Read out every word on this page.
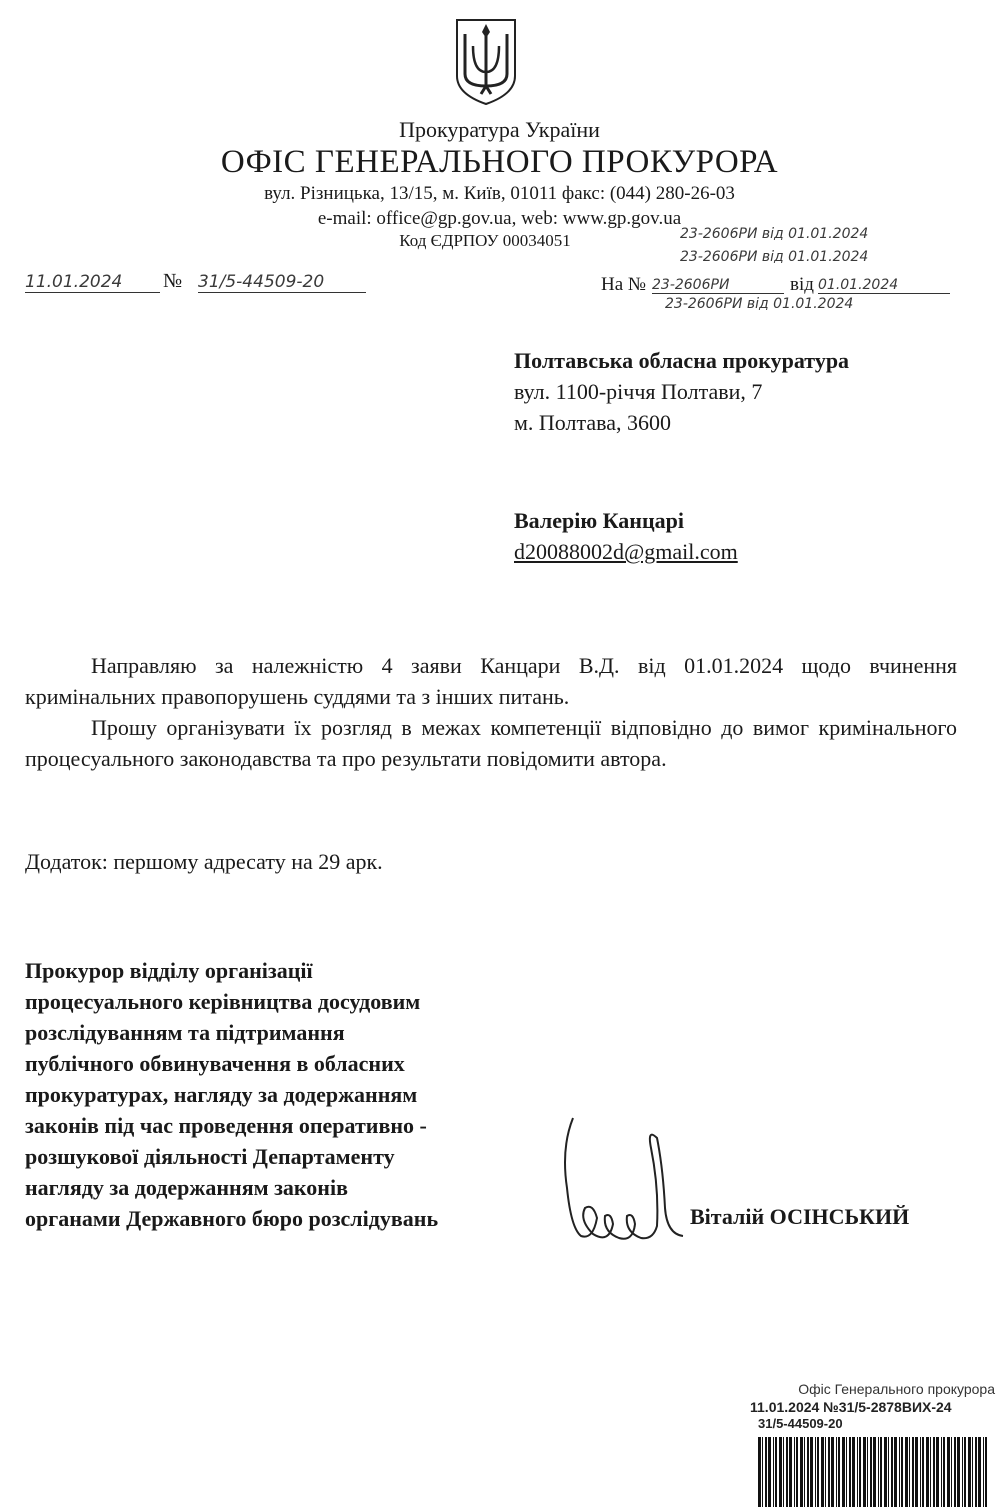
Прокуратура України
ОФІС ГЕНЕРАЛЬНОГО ПРОКУРОРА
вул. Різницька, 13/15, м. Київ, 01011 факс: (044) 280-26-03
e-mail: office@gp.gov.ua, web: www.gp.gov.ua
Код ЄДРПОУ 00034051
11.01.2024	№ 31/5-44509-20	На № 23-2606РИ	від 01.01.2024
23-2606РИ від 01.01.2024
23-2606РИ від 01.01.2024
23-2606РИ від 01.01.2024
Полтавська обласна прокуратура
вул. 1100-річчя Полтави, 7
м. Полтава, 3600
Валерію Канцарі
d20088002d@gmail.com

Направляю за належністю 4 заяви Канцари В.Д. від 01.01.2024 щодо вчинення кримінальних правопорушень суддями та з інших питань.

Прошу організувати їх розгляд в межах компетенції відповідно до вимог кримінального процесуального законодавства та про результати повідомити автора.

Додаток: першому адресату на 29 арк.
Прокурор відділу організації
процесуального керівництва досудовим
розслідуванням та підтримання
публічного обвинувачення в обласних
прокуратурах, нагляду за додержанням
законів під час проведення оперативно -
розшукової діяльності Департаменту
нагляду за додержанням законів
органами Державного бюро розслідувань	Віталій ОСІНСЬКИЙ
Офіс Генерального прокурора
11.01.2024 №31/5-2878ВИХ-24
31/5-44509-20
